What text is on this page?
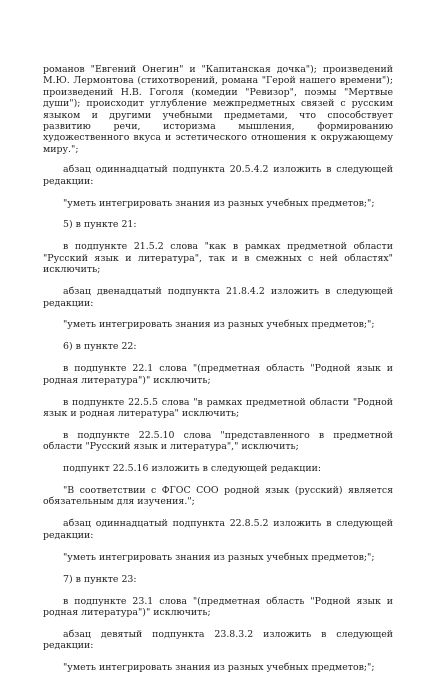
романов "Евгений Онегин" и "Капитанская дочка"); произведений М.Ю. Лермонтова (стихотворений, романа "Герой нашего времени"); произведений Н.В. Гоголя (комедии "Ревизор", поэмы "Мертвые души"); происходит углубление межпредметных связей с русским языком и другими учебными предметами, что способствует развитию речи, историзма мышления, формированию художественного вкуса и эстетического отношения к окружающему миру.";

абзац одиннадцатый подпункта 20.5.4.2 изложить в следующей редакции:

"уметь интегрировать знания из разных учебных предметов;";

5) в пункте 21:

в подпункте 21.5.2 слова "как в рамках предметной области "Русский язык и литература", так и в смежных с ней областях" исключить;

абзац двенадцатый подпункта 21.8.4.2 изложить в следующей редакции:

"уметь интегрировать знания из разных учебных предметов;";

6) в пункте 22:

в подпункте 22.1 слова "(предметная область "Родной язык и родная литература")" исключить;

в подпункте 22.5.5 слова "в рамках предметной области "Родной язык и родная литература" исключить;

в подпункте 22.5.10 слова "представленного в предметной области "Русский язык и литература"," исключить;

подпункт 22.5.16 изложить в следующей редакции:

"В соответствии с ФГОС СОО родной язык (русский) является обязательным для изучения.";

абзац одиннадцатый подпункта 22.8.5.2 изложить в следующей редакции:

"уметь интегрировать знания из разных учебных предметов;";

7) в пункте 23:

в подпункте 23.1 слова "(предметная область "Родной язык и родная литература")" исключить;

абзац девятый подпункта 23.8.3.2 изложить в следующей редакции:

"уметь интегрировать знания из разных учебных предметов;";
